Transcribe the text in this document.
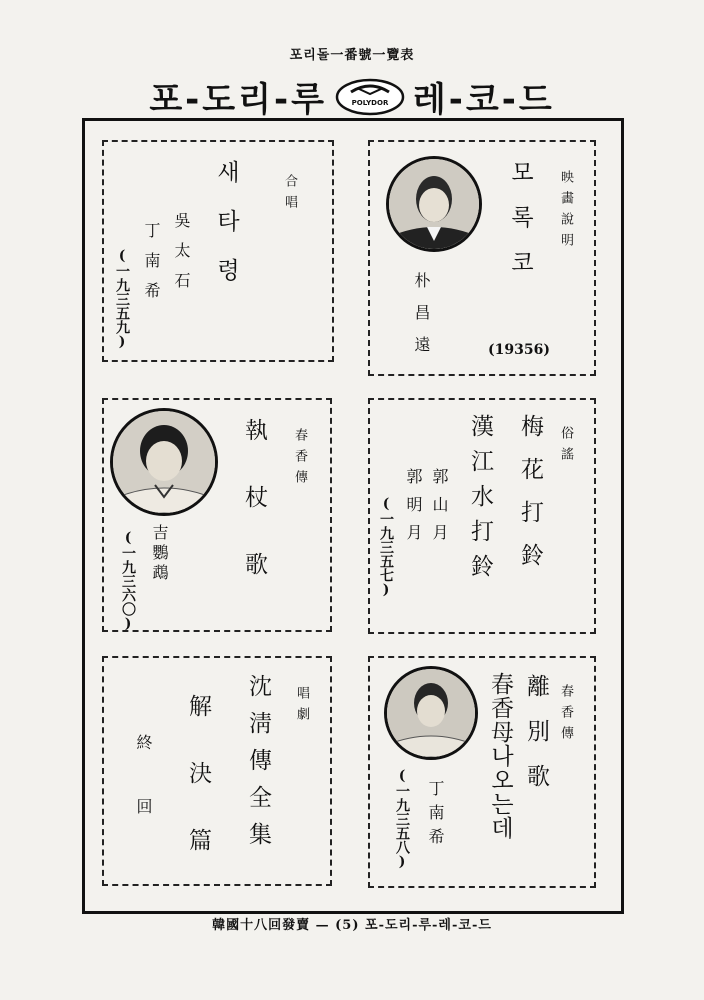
포리돌一番號一覽表
포-도리-루	POLYDOR 레-코-드
合唱
새타령
吳太石
丁南希
(一九三五九)
映畵說明
모록코
(19356)
朴昌遠
春香傳
執杖歌
吉鸚鵡
(一九三六〇)
俗謠
梅花打鈴
漢江水打鈴
郭山月
郭明月
(一九三五七)
唱劇
沈淸傳全集
解決篇
終回
春香傳
離別歌
春香母나오는데
丁南希
(一九三五八)
韓國十八回發賣 — (5) 포-도리-루-레-코-드
